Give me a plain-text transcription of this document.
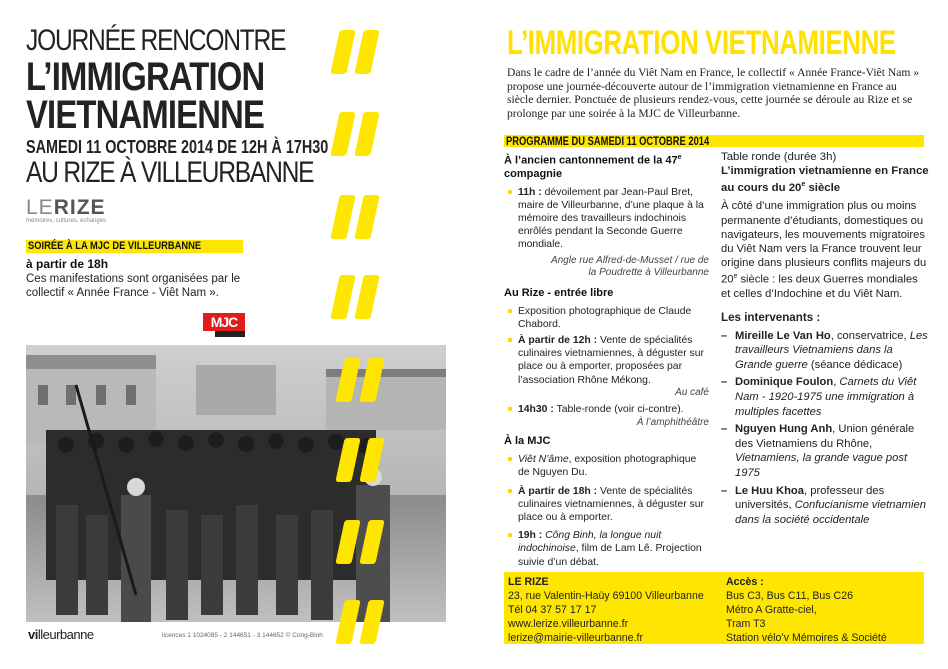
JOURNÉE RENCONTRE
L’IMMIGRATION
VIETNAMIENNE
SAMEDI 11 OCTOBRE 2014 DE 12H À 17H30
AU RIZE À VILLEURBANNE
LERIZE
mémoires, cultures, échanges
SOIRÉE À LA MJC DE VILLEURBANNE
à partir de 18h
Ces manifestations sont organisées par le collectif « Année France - Viêt Nam ».
MJC
villeurbanne	licences 1 1024085 - 2 144651 - 3 144652 © Cong-Binh
L’IMMIGRATION VIETNAMIENNE
Dans le cadre de l’année du Viêt Nam en France, le collectif « Année France-Viêt Nam » propose une journée-découverte autour de l’immigration vietnamienne en France au siècle dernier. Ponctuée de plusieurs rendez-vous, cette journée se déroule au Rize et se prolonge par une soirée à la MJC de Villeurbanne.
PROGRAMME DU SAMEDI 11 OCTOBRE 2014
À l’ancien cantonnement de la 47e compagnie
11h : dévoilement par Jean-Paul Bret, maire de Villeurbanne, d’une plaque à la mémoire des travailleurs indochinois enrôlés pendant la Seconde Guerre mondiale.
Angle rue Alfred-de-Musset / rue de la Poudrette à Villeurbanne
Au Rize - entrée libre
Exposition photographique de Claude Chabord.
À partir de 12h : Vente de spécialités culinaires vietnamiennes, à déguster sur place ou à emporter, proposées par l’association Rhône Mékong.
Au café
14h30 : Table-ronde (voir ci-contre).
À l’amphithéâtre
À la MJC
Viêt N’âme, exposition photographique de Nguyen Du.
À partir de 18h : Vente de spécialités culinaires vietnamiennes, à déguster sur place ou à emporter.
19h : Công Binh, la longue nuit indochinoise, film de Lam Lê. Projection suivie d’un débat.
Table ronde (durée 3h)
L’immigration vietnamienne en France au cours du 20e siècle
À côté d’une immigration plus ou moins permanente d’étudiants, domestiques ou navigateurs, les mouvements migratoires du Viêt Nam vers la France trouvent leur origine dans plusieurs conflits majeurs du 20e siècle : les deux Guerres mondiales et celles d’Indochine et du Viêt Nam.
Les intervenants :
– Mireille Le Van Ho, conservatrice, Les travailleurs Vietnamiens dans la Grande guerre (séance dédicace)
– Dominique Foulon, Carnets du Viêt Nam - 1920-1975 une immigration à multiples facettes
– Nguyen Hung Anh, Union générale des Vietnamiens du Rhône, Vietnamiens, la grande vague post 1975
– Le Huu Khoa, professeur des universités, Confucianisme vietnamien dans la société occidentale
LE RIZE
23, rue Valentin-Haüy 69100 Villeurbanne
Tél 04 37 57 17 17
www.lerize.villeurbanne.fr
lerize@mairie-villeurbanne.fr
Accès :
Bus C3, Bus C11, Bus C26
Métro A Gratte-ciel,
Tram T3
Station vélo’v Mémoires & Société
